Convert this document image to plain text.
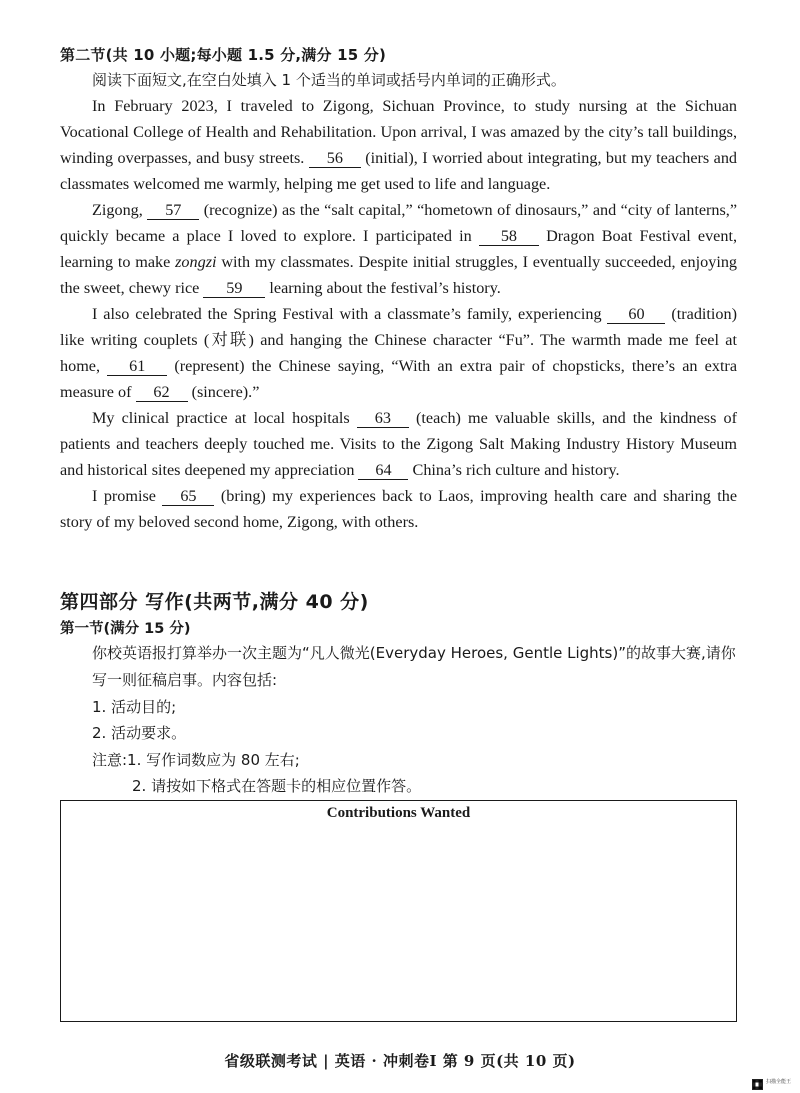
第二节(共 10 小题;每小题 1.5 分,满分 15 分)
阅读下面短文,在空白处填入 1 个适当的单词或括号内单词的正确形式。

In February 2023, I traveled to Zigong, Sichuan Province, to study nursing at the Sichuan Vocational College of Health and Rehabilitation. Upon arrival, I was amazed by the city’s tall buildings, winding overpasses, and busy streets. 56 (initial), I worried about integrating, but my teachers and classmates welcomed me warmly, helping me get used to life and language.

Zigong, 57 (recognize) as the “salt capital,” “hometown of dinosaurs,” and “city of lanterns,” quickly became a place I loved to explore. I participated in 58 Dragon Boat Festival event, learning to make zongzi with my classmates. Despite initial struggles, I eventually succeeded, enjoying the sweet, chewy rice 59 learning about the festival’s history.

I also celebrated the Spring Festival with a classmate’s family, experiencing 60 (tradition) like writing couplets (对联) and hanging the Chinese character “Fu”. The warmth made me feel at home, 61 (represent) the Chinese saying, “With an extra pair of chopsticks, there’s an extra measure of 62 (sincere).”

My clinical practice at local hospitals 63 (teach) me valuable skills, and the kindness of patients and teachers deeply touched me. Visits to the Zigong Salt Making Industry History Museum and historical sites deepened my appreciation 64 China’s rich culture and history.

I promise 65 (bring) my experiences back to Laos, improving health care and sharing the story of my beloved second home, Zigong, with others.

第四部分 写作(共两节,满分 40 分)
第一节(满分 15 分)
你校英语报打算举办一次主题为“凡人微光(Everyday Heroes, Gentle Lights)”的故事大赛,请你写一则征稿启事。内容包括:
1. 活动目的;
2. 活动要求。
注意:1. 写作词数应为 80 左右;
2. 请按如下格式在答题卡的相应位置作答。
Contributions Wanted
省级联测考试 | 英语 · 冲刺卷Ⅰ 第 9 页(共 10 页)
扫描全能王
